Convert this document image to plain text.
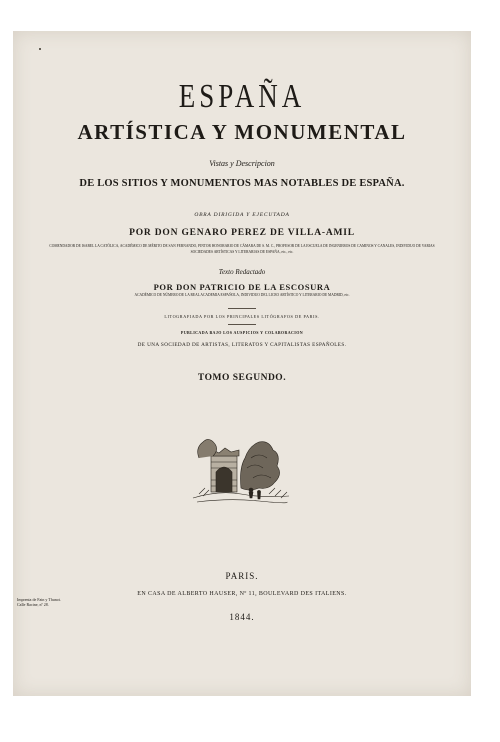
ESPAÑA
ARTÍSTICA Y MONUMENTAL
Vistas y Descripcion
DE LOS SITIOS Y MONUMENTOS MAS NOTABLES DE ESPAÑA.
OBRA DIRIGIDA Y EJECUTADA
POR DON GENARO PEREZ DE VILLA-AMIL
COMENDADOR DE ISABEL LA CATÓLICA, ACADÉMICO DE MÉRITO DE SAN FERNANDO, PINTOR HONORARIO DE CÁMARA DE S. M. C., PROFESOR DE LA ESCUELA DE INGENIEROS DE CAMINOS Y CANALES, INDIVIDUO DE VARIAS SOCIEDADES ARTÍSTICAS Y LITERARIAS DE ESPAÑA, etc., etc.
Texto Redactado
POR DON PATRICIO DE LA ESCOSURA
ACADÉMICO DE NÚMERO DE LA REAL ACADEMIA ESPAÑOLA, INDIVIDUO DEL LICEO ARTÍSTICO Y LITERARIO DE MADRID, etc.
LITOGRAFIADA POR LOS PRINCIPALES LITÓGRAFOS DE PARIS.
PUBLICADA BAJO LOS AUSPICIOS Y COLABORACION
DE UNA SOCIEDAD DE ARTISTAS, LITERATOS Y CAPITALISTAS ESPAÑOLES.
TOMO SEGUNDO.
PARIS.
EN CASA DE ALBERTO HAUSER, Nº 11, BOULEVARD DES ITALIENS.
1844.
Imprenta de Fain y Thunot.
Calle Racine, nº 28.
